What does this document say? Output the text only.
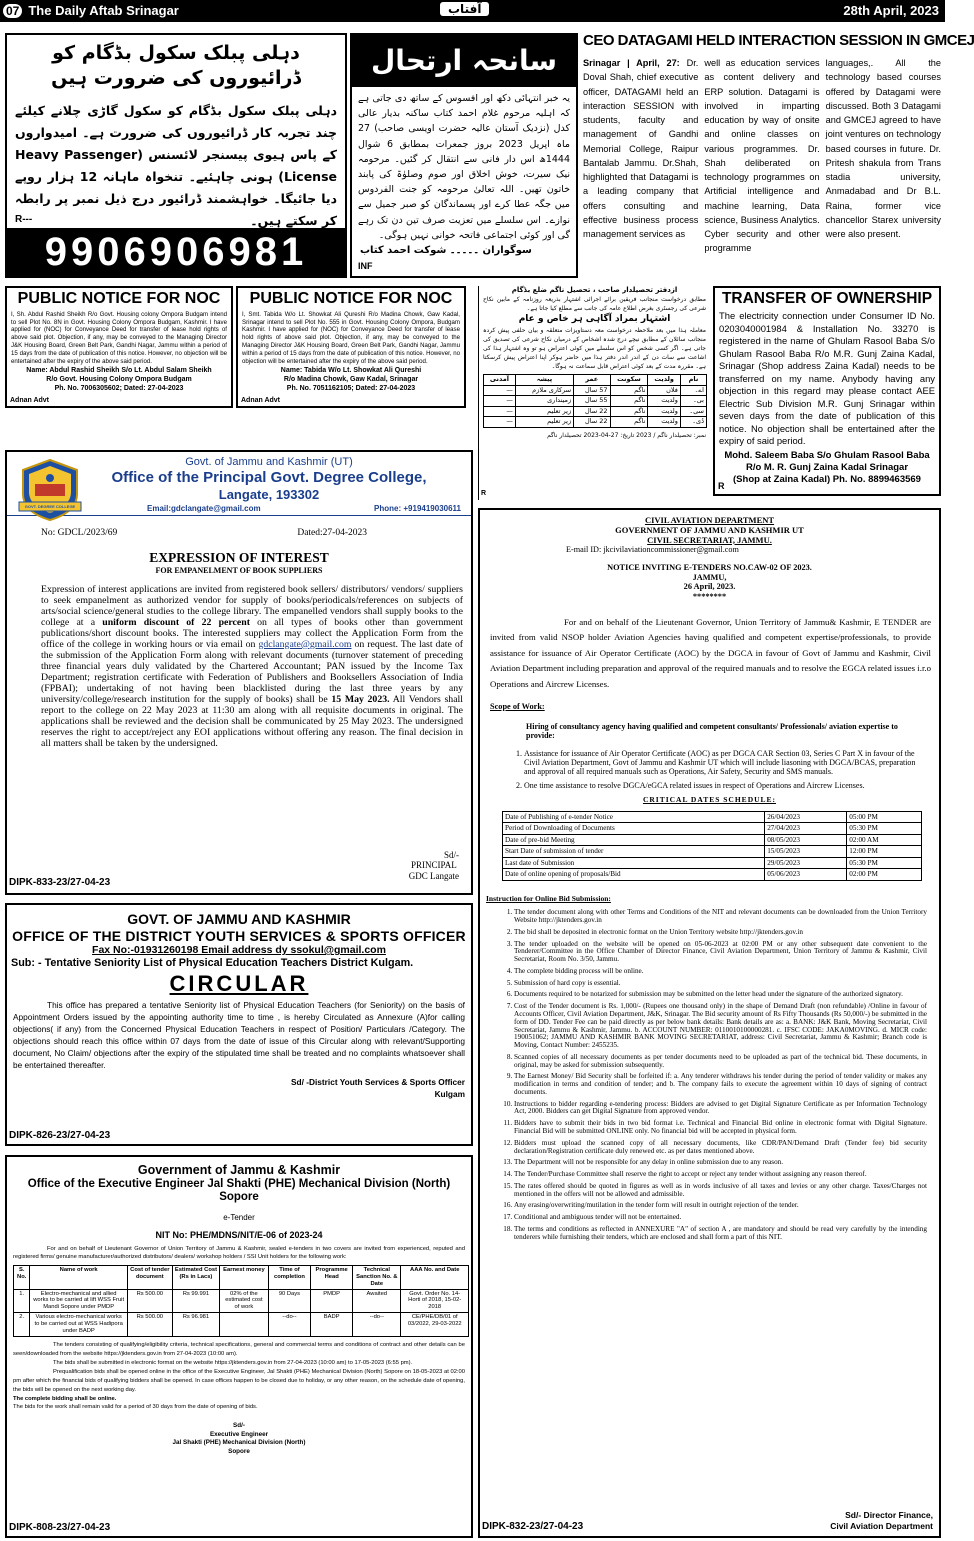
07 The Daily Aftab Srinagar	آفتاب	28th April, 2023
دہلی پبلک سکول بڈگام کو ڈرائیوروں کی ضرورت ہیں
دہلی پبلک سکول بڈگام کو سکول گاڑی چلانے کیلئے چند تجربہ کار ڈرائیوروں کی ضرورت ہے۔ امیدواروں کے پاس ہیوی پیسنجر لائسنس (Heavy Passenger License) ہونی چاہئیے۔ تنخواہ ماہانہ 12 ہزار روپے دیا جائیگا۔ خواہشمند ڈرائیور درج ذیل نمبر پر رابطہ کر سکتے ہیں۔
R---
9906906981
سانحہ ارتحال
یہ خبر انتہائی دکھ اور افسوس کے ساتھ دی جاتی ہے کہ اہلیہ مرحوم غلام احمد کتاب ساکنہ بدیار عالی کدل (نزدیک آستان عالیہ حضرت اویسی صاحب) 27 ماہ اپریل 2023 بروز جمعرات بمطابق 6 شوال 1444ھ اس دار فانی سے انتقال کر گئیں۔ مرحومہ نیک سیرت، خوش اخلاق اور صوم وصلوٰۃ کی پابند خاتون تھیں۔ اللہ تعالیٰ مرحومہ کو جنت الفردوس میں جگہ عطا کرے اور پسماندگان کو صبر جمیل سے نوازے۔ اس سلسلے میں تعزیت صرف تین دن تک رہے گی اور کوئی اجتماعی فاتحہ خوانی نہیں ہوگی۔
سوگواران ۔۔۔۔۔ شوکت احمد کتاب
INF
CEO DATAGAMI HELD INTERACTION SESSION IN GMCEJ
Srinagar | April, 27: Dr. Doval Shah, chief executive officer, DATAGAMI held an interaction SESSION with students, faculty and management of Gandhi Memorial College, Raipur Bantalab Jammu. Dr.Shah, highlighted that Datagami is a leading company that offers consulting and effective business process management services as
well as education services as content delivery and ERP solution. Datagami is involved in imparting education by way of onsite and online classes on various programmes. Dr. Shah deliberated on technology programmes on Artificial intelligence and machine learning, Data science, Business Analytics. Cyber security and other programme
languages,. All the technology based courses offered by Datagami were discussed. Both 3 Datagami and GMCEJ agreed to have joint ventures on technology based courses in future. Dr. Pritesh shakula from Trans stadia university, Anmadabad and Dr B.L. Raina, former vice chancellor Starex university were also present.
PUBLIC NOTICE FOR NOC
I, Sh. Abdul Rashid Sheikh R/o Govt. Housing colony Ompora Budgam intend to sell Plot No. 8N in Govt. Housing Colony Ompora Budgam, Kashmir. I have applied for (NOC) for Conveyance Deed for transfer of lease hold rights of above said plot. Objection, if any, may be conveyed to the Managing Director J&K Housing Board, Green Belt Park, Gandhi Nagar, Jammu within a period of 15 days from the date of publication of this notice. However, no objection will be entertained after the expiry of the above said period.
Name: Abdul Rashid Sheikh S/o Lt. Abdul Salam Sheikh
R/o Govt. Housing Colony Ompora Budgam
Ph. No. 7006305602; Dated: 27-04-2023
Adnan Advt
PUBLIC NOTICE FOR NOC
I, Smt. Tabida W/o Lt. Showkat Ali Qureshi R/o Madina Chowk, Gaw Kadal, Srinagar intend to sell Plot No. 555 in Govt. Housing Colony Ompora, Budgam Kashmir. I have applied for (NOC) for Conveyance Deed for transfer of lease hold rights of above said plot. Objection, if any, may be conveyed to the Managing Director J&K Housing Board, Green Belt Park, Gandhi Nagar, Jammu within a period of 15 days from the date of publication of this notice. However, no objection will be entertained after the expiry of the above said period.
Name: Tabida W/o Lt. Showkat Ali Qureshi
R/o Madina Chowk, Gaw Kadal, Srinagar
Ph. No. 7051162105; Dated: 27-04-2023
Adnan Advt
ازدفتر تحصیلدار صاحب ، تحصیل ناگم ضلع بڈگام
مطابق درخواست منجانب فریقین برائے اجرائی اشتہار بذریعہ روزنامہ کے مابین نکاح شرعی کی رجسٹری بغرض اطلاع عامہ کی جانب سے مطلع کیا جاتا ہے۔
اشتہار بمراد آگاہی ہر خاص و عام
معاملہ ہذا میں بعد ملاحظہ درخواست معہ دستاویزات متعلقہ و بیان حلفی پیش کردہ منجانب سائلان کے مطابق نیچے درج شدہ اشخاص کے درمیان نکاح شرعی کی تصدیق کی جاتی ہے۔ اگر کسی شخص کو اس سلسلے میں کوئی اعتراض ہو تو وہ اشتہار ہذا کی اشاعت سے سات دن کے اندر اندر دفتر ہذا میں حاضر ہوکر اپنا اعتراض پیش کرسکتا ہے۔ مقررہ مدت کے بعد کوئی اعتراض قابل سماعت نہ ہوگا۔
نام	ولدیت	سکونت	عمر	پیشہ	آمدنی
اے۔	فلاں	ناگم	57 سال	سرکاری ملازم	—
بی۔	ولدیت	ناگم	55 سال	زمینداری	—
سی۔	ولدیت	ناگم	22 سال	زیر تعلیم	—
ڈی۔	ولدیت	ناگم	22 سال	زیر تعلیم	—
نمبر: تحصیلدار ناگم / 2023 تاریخ: 27-04-2023 تحصیلدار ناگم
R
TRANSFER OF OWNERSHIP
The electricity connection under Consumer ID No. 0203040001984 & Installation No. 33270 is registered in the name of Ghulam Rasool Baba S/o Ghulam Rasool Baba R/o M.R. Gunj Zaina Kadal, Srinagar (Shop address Zaina Kadal) needs to be transferred on my name. Anybody having any objection in this regard may please contact AEE Electric Sub Division M.R. Gunj Srinagar within seven days from the date of publication of this notice. No objection shall be entertained after the expiry of said period.
Mohd. Saleem Baba S/o Ghulam Rasool Baba
R/o M. R. Gunj Zaina Kadal Srinagar
(Shop at Zaina Kadal) Ph. No. 8899463569
R
GOVT. DEGREE COLLEGE LANGATE
Govt. of Jammu and Kashmir (UT)
Office of the Principal Govt. Degree College,
Langate, 193302
Email:gdclangate@gmail.com	Phone: +919419030611
No: GDCL/2023/69	Dated:27-04-2023
EXPRESSION OF INTEREST
FOR EMPANELMENT OF BOOK SUPPLIERS
Expression of interest applications are invited from registered book sellers/ distributors/ vendors/ suppliers to seek empanelment as authorized vendor for supply of books/periodicals/references on subjects of arts/social science/general studies to the college library. The empanelled vendors shall supply books to the college at a uniform discount of 22 percent on all types of books other than government publications/short discount books. The interested suppliers may collect the Application Form from the office of the college in working hours or via email on gdclangate@gmail.com on request. The last date of the submission of the Application Form along with relevant documents (turnover statement of preceding three financial years duly validated by the Chartered Accountant; PAN issued by the Income Tax Department; registration certificate with Federation of Publishers and Booksellers Association of India (FPBAI); undertaking of not having been blacklisted during the last three years by any university/college/research institution for the supply of books) shall be 15 May 2023. All Vendors shall report to the college on 22 May 2023 at 11:30 am along with all requisite documents in original. The applications shall be reviewed and the decision shall be communicated by 25 May 2023. The undersigned reserves the right to accept/reject any EOI applications without offering any reason. The final decision in all matters shall be taken by the undersigned.
Sd/-
PRINCIPAL
GDC Langate
DIPK-833-23/27-04-23
GOVT. OF JAMMU AND KASHMIR
OFFICE OF THE DISTRICT YOUTH SERVICES & SPORTS OFFICER
Fax No:-01931260198 Email address dy ssokul@gmail.com
Sub: - Tentative Seniority List of Physical Education Teachers District Kulgam.
CIRCULAR
This office has prepared a tentative Seniority list of Physical Education Teachers (for Seniority) on the basis of Appointment Orders issued by the appointing authority time to time , is hereby Circulated as Annexure (A)for calling objections( if any) from the Concerned Physical Education Teachers in respect of Position/ Particulars /Category. The objections should reach this office within 07 days from the date of issue of this Circular along with relevant/Supporting document, No Claim/ objections after the expiry of the stipulated time shall be treated and no complaints whatsoever shall be entertained thereafter.
Sd/ -District Youth Services & Sports Officer
Kulgam
DIPK-826-23/27-04-23
Government of Jammu & Kashmir
Office of the Executive Engineer Jal Shakti (PHE) Mechanical Division (North) Sopore
e-Tender
NIT No: PHE/MDNS/NIT/E-06 of 2023-24
For and on behalf of Lieutenant Governor of Union Territory of Jammu & Kashmir, sealed e-tenders in two covers are invited from experienced, reputed and registered firms/ genuine manufacturer/authorized distributors/ dealers/ workshop holders / SSI Unit holders for the following work:
S. No.	Name of work	Cost of tender document	Estimated Cost (Rs in Lacs)	Earnest money	Time of completion	Programme Head	Technical Sanction No. & Date	AAA No. and Date
1.	Electro-mechanical and allied works to be carried at lift WSS Fruit Mandi Sopore under PMDP	Rs 500.00	Rs 99.991	02% of the estimated cost of work	90 Days	PMDP	Awaited	Govt. Order No. 14-Horti of 2018, 15-02-2018
2.	Various electro-mechanical works to be carried out at WSS Hadipora under BADP	Rs 500.00	Rs 96.981		--do--	BADP	--do--	CE/PHE/DB/01 of 03/2022, 29-03-2022
The tenders consisting of qualifying/eligibility criteria, technical specifications, general and commercial terms and conditions of contract and other details can be seen/downloaded from the website https://jktenders.gov.in from 27-04-2023 (10:00 am).
The bids shall be submitted in electronic format on the website https://jktenders.gov.in from 27-04-2023 (10:00 am) to 17-05-2023 (6:55 pm).
Prequalification bids shall be opened online in the office of the Executive Engineer, Jal Shakti (PHE) Mechanical Division (North) Sopore on 18-05-2023 at 02:00 pm after which the financial bids of qualifying bidders shall be opened. In case offices happen to be closed due to holiday, or any other reason, on the schedule date of opening, the bids will be opened on the next working day.
The complete bidding shall be online.
The bids for the work shall remain valid for a period of 30 days from the date of opening of bids.
Sd/-
Executive Engineer
Jal Shakti (PHE) Mechanical Division (North)
Sopore
DIPK-808-23/27-04-23
CIVIL AVIATION DEPARTMENT
GOVERNMENT OF JAMMU AND KASHMIR UT
CIVIL SECRETARIAT, JAMMU.
E-mail ID: jkcivilaviationcommissioner@gmail.com
NOTICE INVITING E-TENDERS NO.CAW-02 OF 2023.
JAMMU,
26 April, 2023.
********
For and on behalf of the Lieutenant Governor, Union Territory of Jammu& Kashmir, E TENDER are invited from valid NSOP holder Aviation Agencies having qualified and competent expertise/professionals, to provide assistance for issuance of Air Operator Certificate (AOC) by the DGCA in favour of Govt of Jammu and Kashmir, Civil Aviation Department including preparation and approval of the required manuals and to resolve the EGCA related issues i.r.o Operations and Aircrew Licenses.
Scope of Work:
Hiring of consultancy agency having qualified and competent consultants/ Professionals/ aviation expertise to provide:
1. Assistance for issuance of Air Operator Certificate (AOC) as per DGCA CAR Section 03, Series C Part X in favour of the Civil Aviation Department, Govt of Jammu and Kashmir UT which will include liasoning with DGCA/BCAS, preparation and approval of all required manuals such as Operations, Air Safety, Security and SMS manuals.
2. One time assistance to resolve DGCA/eGCA related issues in respect of Operations and Aircrew Licenses.
CRITICAL DATES SCHEDULE:
Date of Publishing of e-tender Notice	26/04/2023	05:00 PM
Period of Downloading of Documents	27/04/2023	05:30 PM
Date of pre-bid Meeting	08/05/2023	02:00 AM
Start Date of submission of tender	15/05/2023	12:00 PM
Last date of Submission	29/05/2023	05:30 PM
Date of online opening of proposals/Bid	05/06/2023	02:00 PM
Instruction for Online Bid Submission:
1. The tender document along with other Terms and Conditions of the NIT and relevant documents can be downloaded from the Union Territory Website http://jktenders.gov.in
2. The bid shall be deposited in electronic format on the Union Territory website http://jktenders.gov.in
3. The tender uploaded on the website will be opened on 05-06-2023 at 02:00 PM or any other subsequent date convenient to the Tenderer/Committee in the Office Chamber of Director Finance, Civil Aviation Department, Union Territory of Jammu & Kashmir, Civil Secretariat, Room No. 3/50, Jammu.
4. The complete bidding process will be online.
5. Submission of hard copy is essential.
6. Documents required to be notarized for submission may be submitted on the letter head under the signature of the authorized signatory.
7. Cost of the Tender document is Rs. 1,000/- (Rupees one thousand only) in the shape of Demand Draft (non refundable) /Online in favour of Accounts Officer, Civil Aviation Department, J&K, Srinagar. The Bid security amount of Rs Fifty Thousands (Rs 50,000/-) be submitted in the form of DD. Tender Fee can be paid directly as per below bank details: Bank details are as: a. BANK: J&K Bank, Moving Secretariat, Civil Secretariat, Jammu & Kashmir, Jammu. b. ACCOUNT NUMBER: 0110010100000281. c. IFSC CODE: JAKA0MOVING. d. MICR code: 190051062; JAMMU AND KASHMIR BANK MOVING SECRETARIAT, address: Civil Secretariat, Jammu & Kashmir; Branch code is Moving, Contact Number: 2455235.
8. Scanned copies of all necessary documents as per tender documents need to be uploaded as part of the technical bid. These documents, in original, may be asked for submission subsequently.
9. The Earnest Money/ Bid Security shall be forfeited if: a. Any tenderer withdraws his tender during the period of tender validity or makes any modification in terms and condition of tender; and b. The company fails to execute the agreement within 10 days of signing of contract documents.
10. Instructions to bidder regarding e-tendering process: Bidders are advised to get Digital Signature Certificate as per Information Technology Act, 2000. Bidders can get Digital Signature from approved vendor.
11. Bidders have to submit their bids in two bid format i.e. Technical and Financial Bid online in electronic format with Digital Signature. Financial Bid will be submitted ONLINE only. No financial bid will be accepted in physical form.
12. Bidders must upload the scanned copy of all necessary documents, like CDR/PAN/Demand Draft (Tender fee) bid security declaration/Registration certificate duly renewed etc. as per dates mentioned above.
13. The Department will not be responsible for any delay in online submission due to any reason.
14. The Tender/Purchase Committee shall reserve the right to accept or reject any tender without assigning any reason thereof.
15. The rates offered should be quoted in figures as well as in words inclusive of all taxes and levies or any other charge. Taxes/Charges not mentioned in the offers will not be allowed and admissible.
16. Any erasing/overwriting/mutilation in the tender form will result in outright rejection of the tender.
17. Conditional and ambiguous tender will not be entertained.
18. The terms and conditions as reflected in ANNEXURE "A" of section A , are mandatory and should be read very carefully by the intending tenderers while furnishing their tenders, which are enclosed and shall form a part of this NIT.
Sd/- Director Finance,
Civil Aviation Department
DIPK-832-23/27-04-23
